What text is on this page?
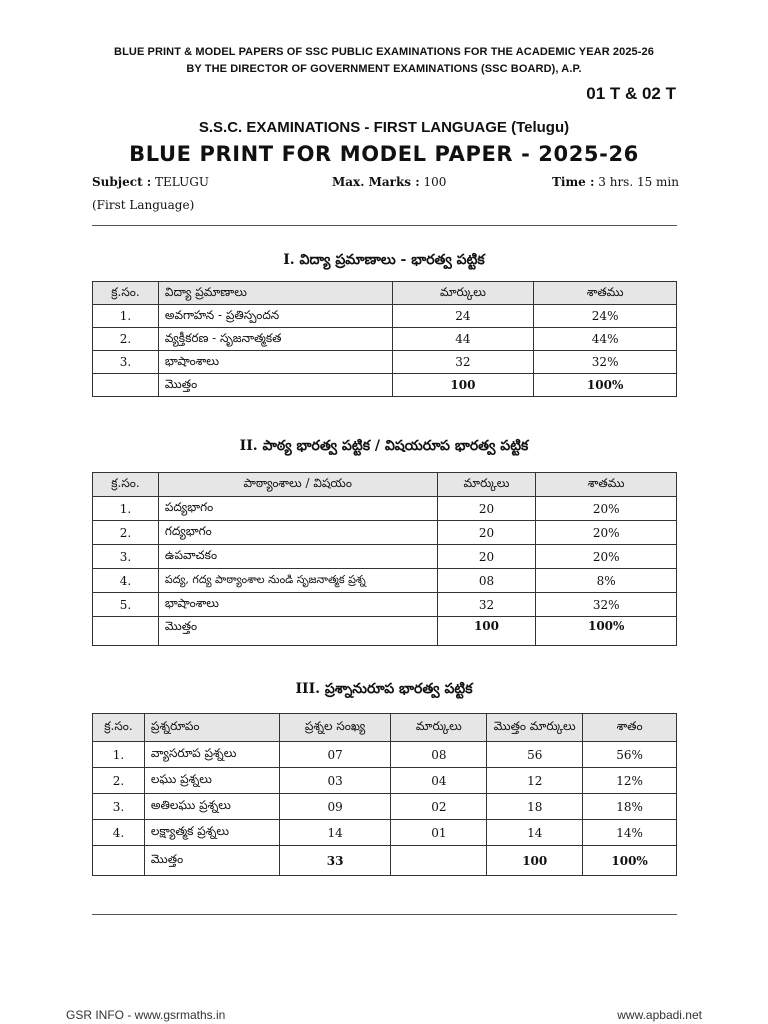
BLUE PRINT & MODEL PAPERS OF SSC PUBLIC EXAMINATIONS FOR THE ACADEMIC YEAR 2025-26
BY THE DIRECTOR OF GOVERNMENT EXAMINATIONS (SSC BOARD), A.P.
01 T & 02 T
S.S.C. EXAMINATIONS - FIRST LANGUAGE (Telugu)
BLUE PRINT FOR MODEL PAPER - 2025-26
Subject : TELUGU	Max. Marks : 100	Time : 3 hrs. 15 min
(First Language)
I. విద్యా ప్రమాణాలు - భారత్వ పట్టిక
క్ర.సం.	విద్యా ప్రమాణాలు	మార్కులు	శాతము
1.	అవగాహన - ప్రతిస్పందన	24	24%
2.	వ్యక్తీకరణ - సృజనాత్మకత	44	44%
3.	భాషాంశాలు	32	32%
	మొత్తం	100	100%
II. పాఠ్య భారత్వ పట్టిక / విషయరూప భారత్వ పట్టిక
క్ర.సం.	పాఠ్యాంశాలు / విషయం	మార్కులు	శాతము
1.	పద్యభాగం	20	20%
2.	గద్యభాగం	20	20%
3.	ఉపవాచకం	20	20%
4.	పద్య, గద్య పాఠ్యాంశాల నుండి సృజనాత్మక ప్రశ్న	08	8%
5.	భాషాంశాలు	32	32%
	మొత్తం	100	100%
III. ప్రశ్నానురూప భారత్వ పట్టిక
క్ర.సం.	ప్రశ్నరూపం	ప్రశ్నల సంఖ్య	మార్కులు	మొత్తం మార్కులు	శాతం
1.	వ్యాసరూప ప్రశ్నలు	07	08	56	56%
2.	లఘు ప్రశ్నలు	03	04	12	12%
3.	అతిలఘు ప్రశ్నలు	09	02	18	18%
4.	లక్ష్యాత్మక ప్రశ్నలు	14	01	14	14%
	మొత్తం	33		100	100%
GSR INFO - www.gsrmaths.in	www.apbadi.net
